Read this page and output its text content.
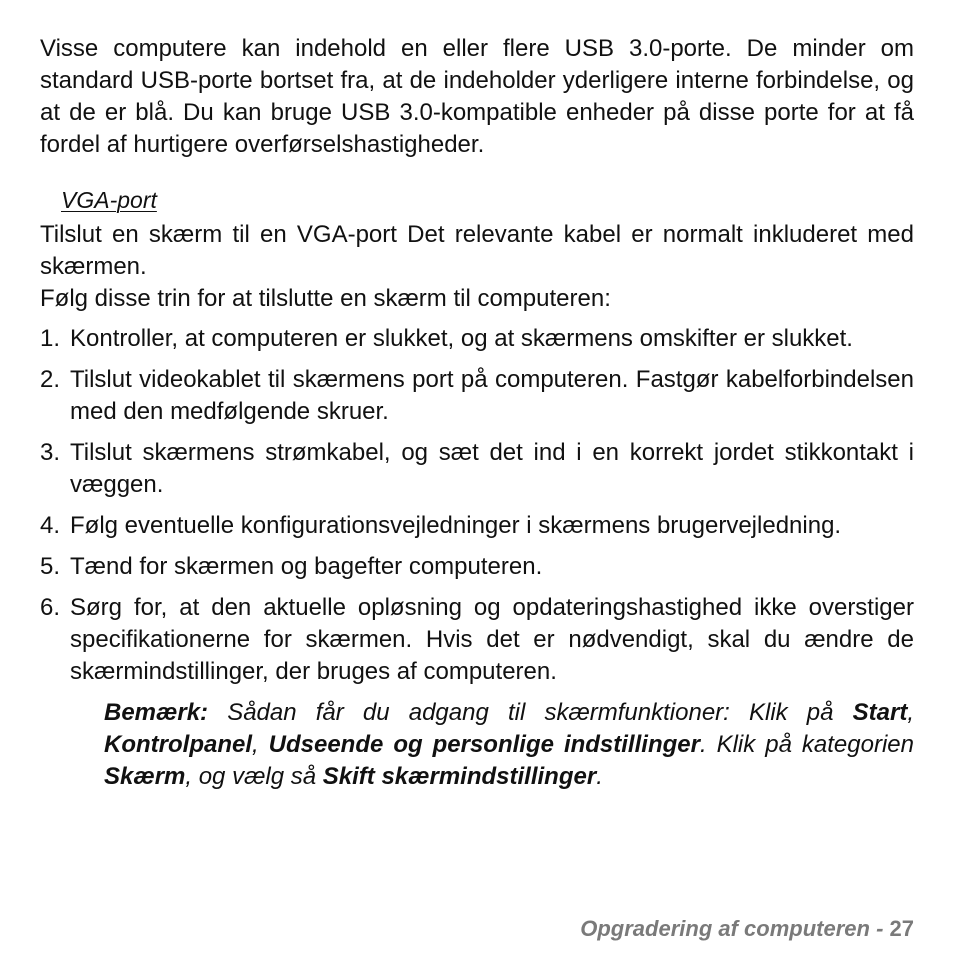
Visse computere kan indehold en eller flere USB 3.0-porte. De minder om standard USB-porte bortset fra, at de indeholder yderligere interne forbindelse, og at de er blå. Du kan bruge USB 3.0-kompatible enheder på disse porte for at få fordel af hurtigere overførselshastigheder.

VGA-port

Tilslut en skærm til en VGA-port Det relevante kabel er normalt inkluderet med skærmen.

Følg disse trin for at tilslutte en skærm til computeren:

1. Kontroller, at computeren er slukket, og at skærmens omskifter er slukket.
2. Tilslut videokablet til skærmens port på computeren. Fastgør kabelforbindelsen med den medfølgende skruer.
3. Tilslut skærmens strømkabel, og sæt det ind i en korrekt jordet stikkontakt i væggen.
4. Følg eventuelle konfigurationsvejledninger i skærmens brugervejledning.
5. Tænd for skærmen og bagefter computeren.
6. Sørg for, at den aktuelle opløsning og opdateringshastighed ikke overstiger specifikationerne for skærmen. Hvis det er nødvendigt, skal du ændre de skærmindstillinger, der bruges af computeren.

Bemærk: Sådan får du adgang til skærmfunktioner: Klik på Start, Kontrolpanel, Udseende og personlige indstillinger. Klik på kategorien Skærm, og vælg så Skift skærmindstillinger.

Opgradering af computeren - 27
